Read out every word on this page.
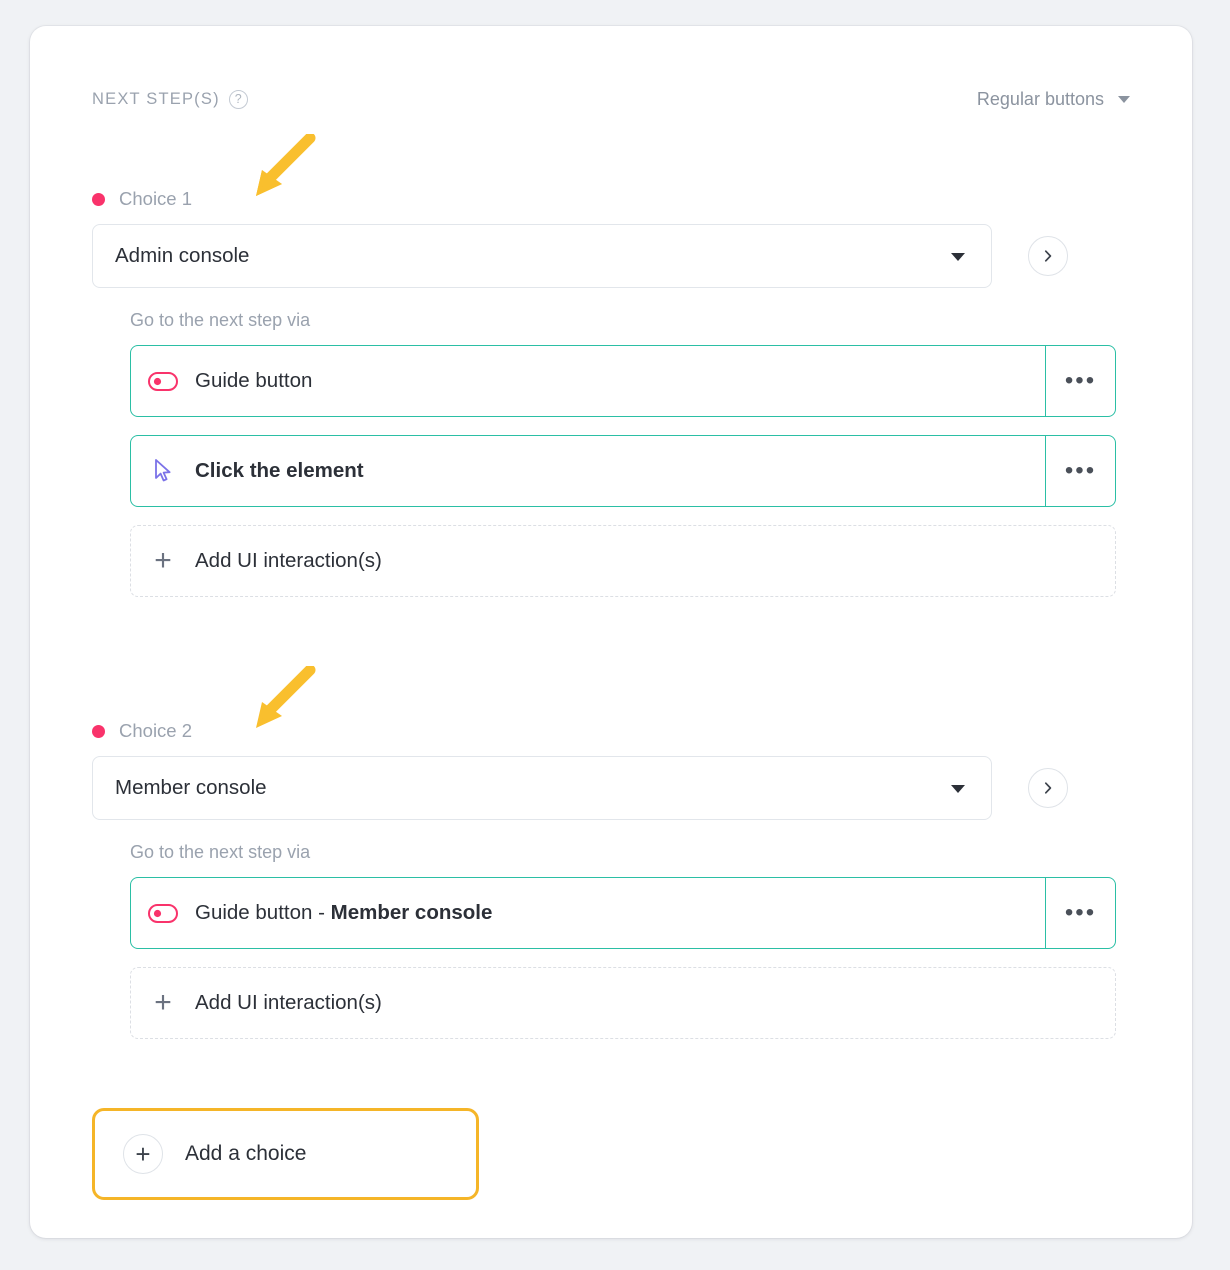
NEXT STEP(S)	?	Regular buttons
Choice 1
Admin console
Go to the next step via
Guide button	•••
Click the element	•••
+	Add UI interaction(s)
Choice 2
Member console
Go to the next step via
Guide button - Member console	•••
+	Add UI interaction(s)
+	Add a choice
